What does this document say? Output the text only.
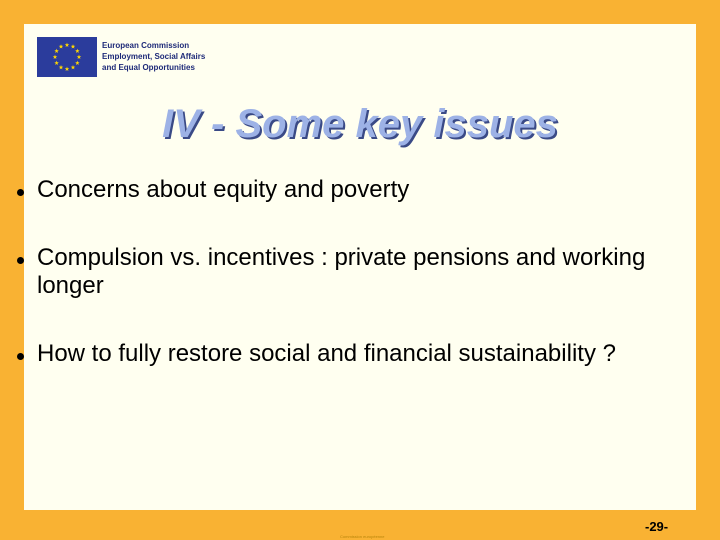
European Commission
Employment, Social Affairs
and Equal Opportunities
IV - Some key issues
Concerns about equity and poverty
Compulsion vs. incentives : private pensions and working longer
How to fully restore social and financial sustainability ?
Commission européenne
-29-
